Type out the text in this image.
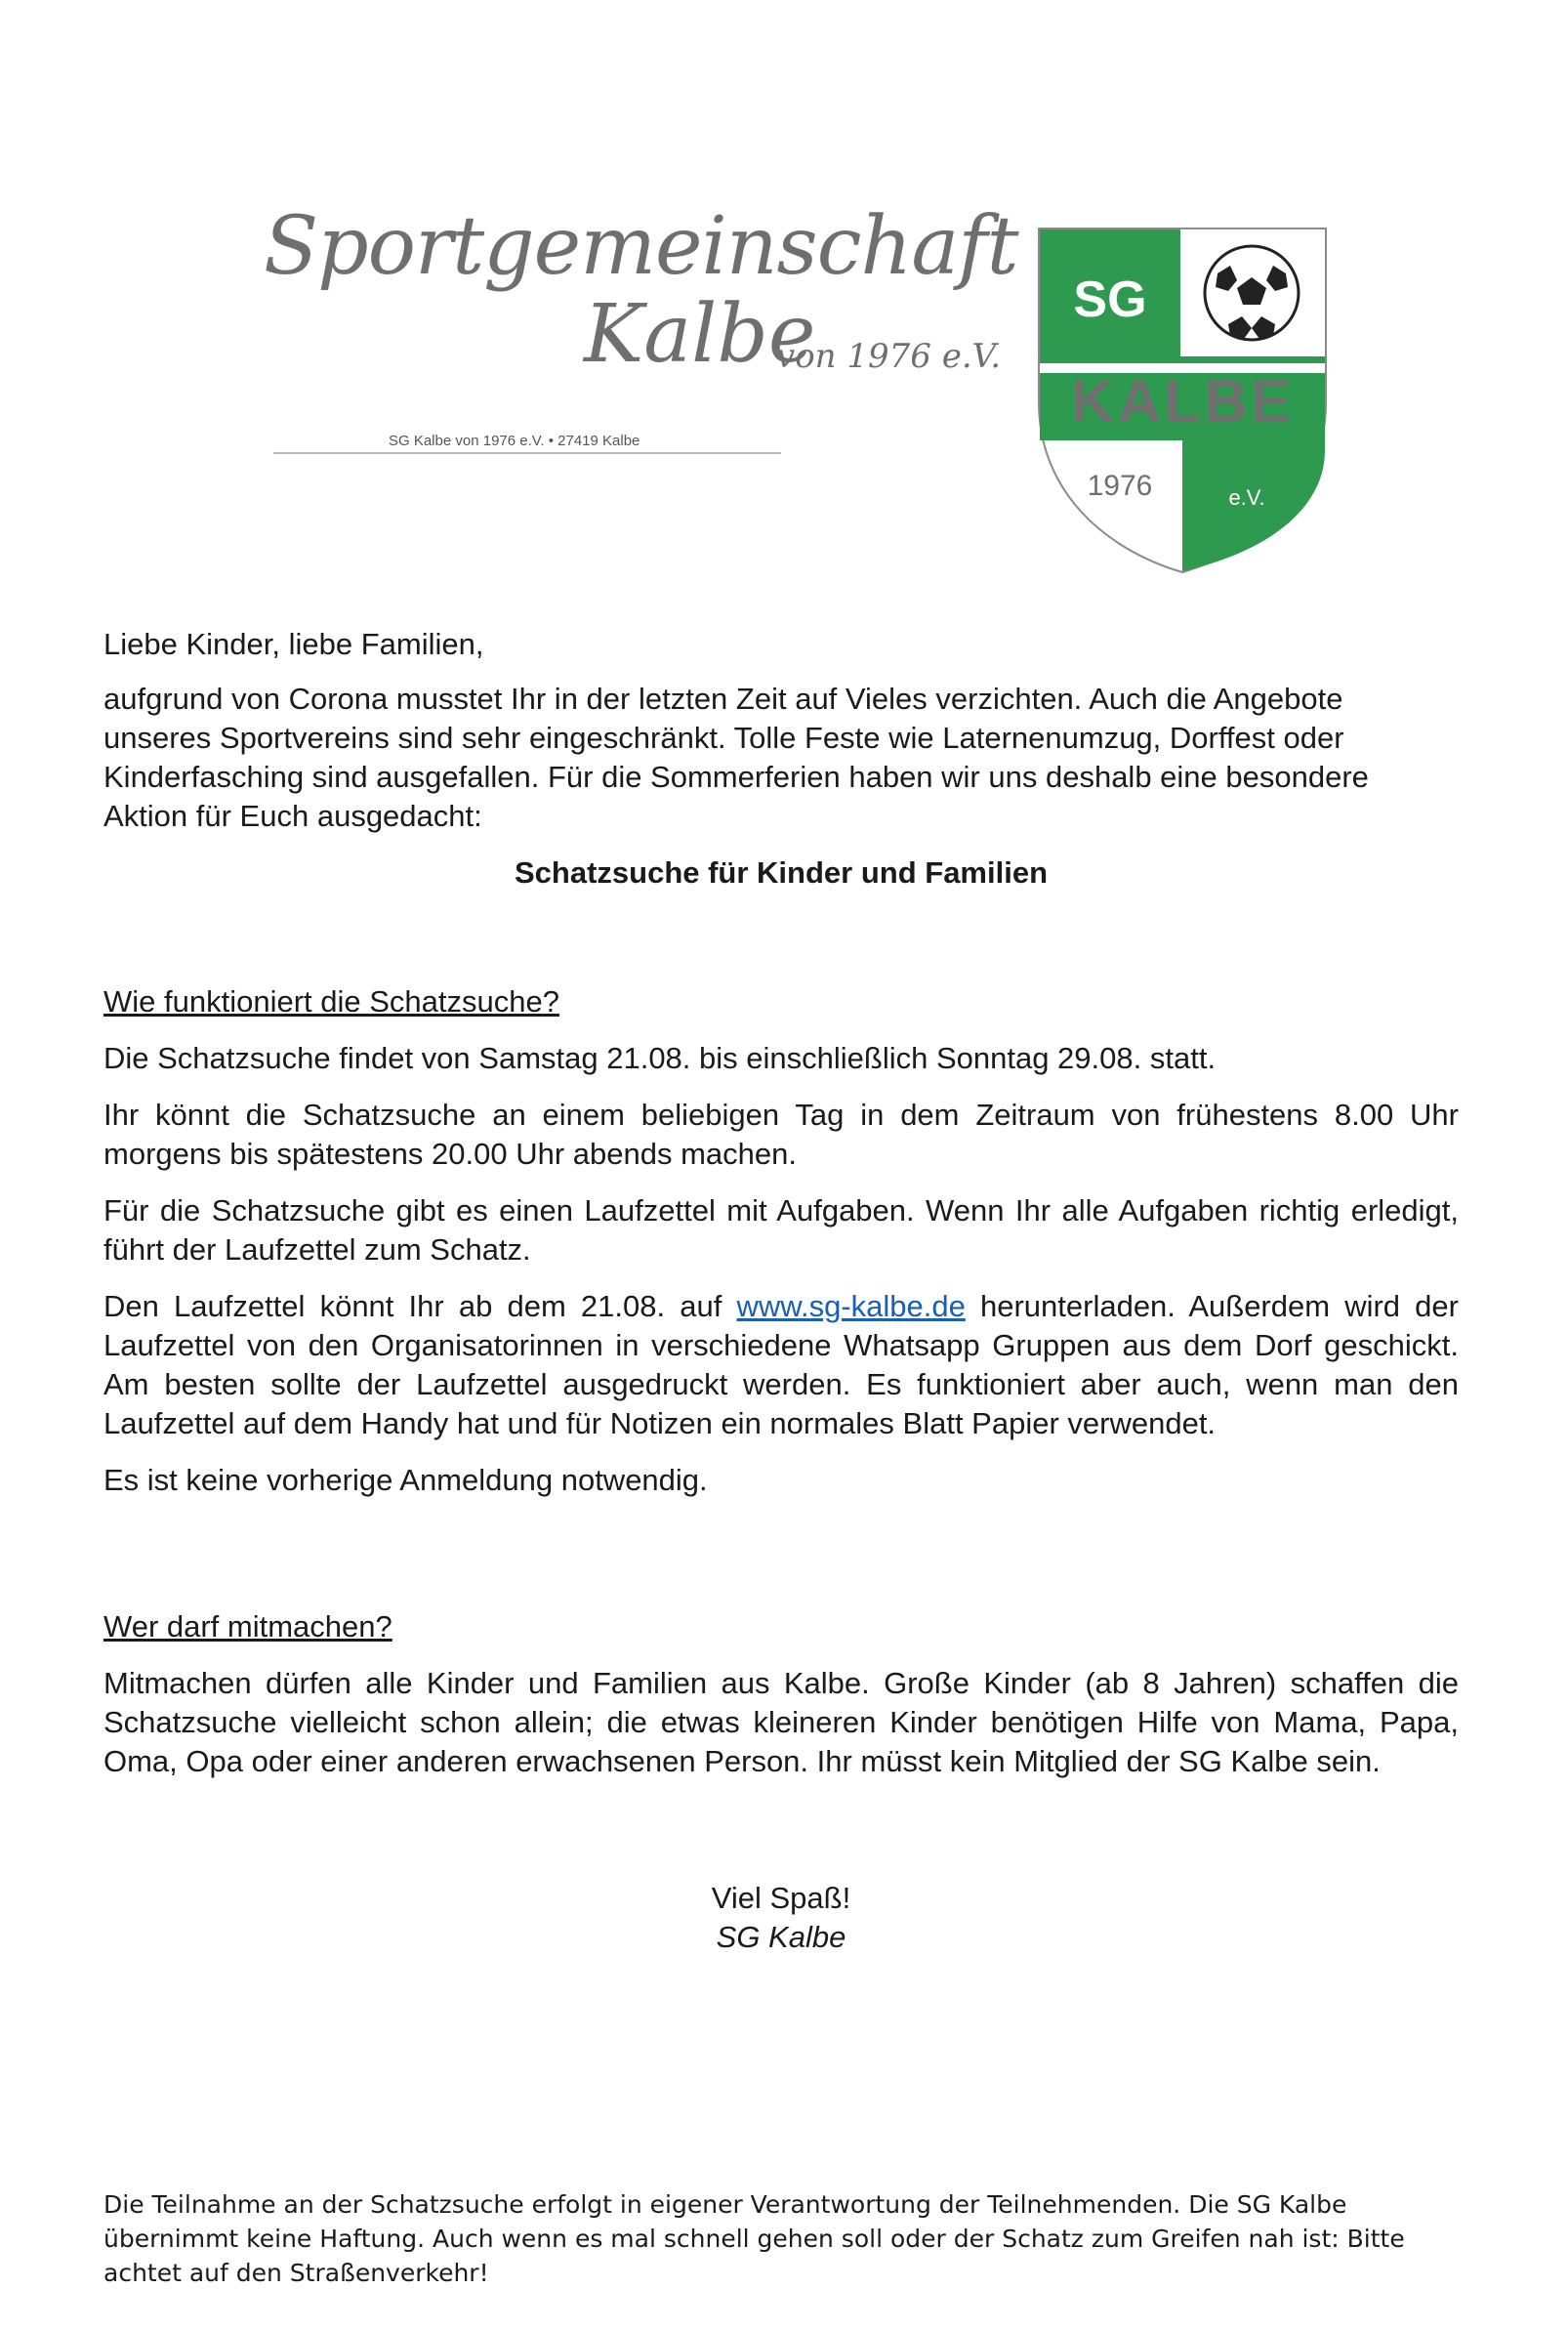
Sportgemeinschaft
Kalbe
von 1976 e.V.
SG Kalbe von 1976 e.V. • 27419 Kalbe
SG
KALBE
1976	e.V.
Liebe Kinder, liebe Familien,
aufgrund von Corona musstet Ihr in der letzten Zeit auf Vieles verzichten. Auch die Angebote unseres Sportvereins sind sehr eingeschränkt. Tolle Feste wie Laternenumzug, Dorffest oder Kinderfasching sind ausgefallen. Für die Sommerferien haben wir uns deshalb eine besondere Aktion für Euch ausgedacht:
Schatzsuche für Kinder und Familien
Wie funktioniert die Schatzsuche?
Die Schatzsuche findet von Samstag 21.08. bis einschließlich Sonntag 29.08. statt.
Ihr könnt die Schatzsuche an einem beliebigen Tag in dem Zeitraum von frühestens 8.00 Uhr morgens bis spätestens 20.00 Uhr abends machen.
Für die Schatzsuche gibt es einen Laufzettel mit Aufgaben. Wenn Ihr alle Aufgaben richtig erledigt, führt der Laufzettel zum Schatz.
Den Laufzettel könnt Ihr ab dem 21.08. auf www.sg-kalbe.de herunterladen. Außerdem wird der Laufzettel von den Organisatorinnen in verschiedene Whatsapp Gruppen aus dem Dorf geschickt. Am besten sollte der Laufzettel ausgedruckt werden. Es funktioniert aber auch, wenn man den Laufzettel auf dem Handy hat und für Notizen ein normales Blatt Papier verwendet.
Es ist keine vorherige Anmeldung notwendig.
Wer darf mitmachen?
Mitmachen dürfen alle Kinder und Familien aus Kalbe. Große Kinder (ab 8 Jahren) schaffen die Schatzsuche vielleicht schon allein; die etwas kleineren Kinder benötigen Hilfe von Mama, Papa, Oma, Opa oder einer anderen erwachsenen Person. Ihr müsst kein Mitglied der SG Kalbe sein.
Viel Spaß!
SG Kalbe
Die Teilnahme an der Schatzsuche erfolgt in eigener Verantwortung der Teilnehmenden. Die SG Kalbe übernimmt keine Haftung. Auch wenn es mal schnell gehen soll oder der Schatz zum Greifen nah ist: Bitte achtet auf den Straßenverkehr!
